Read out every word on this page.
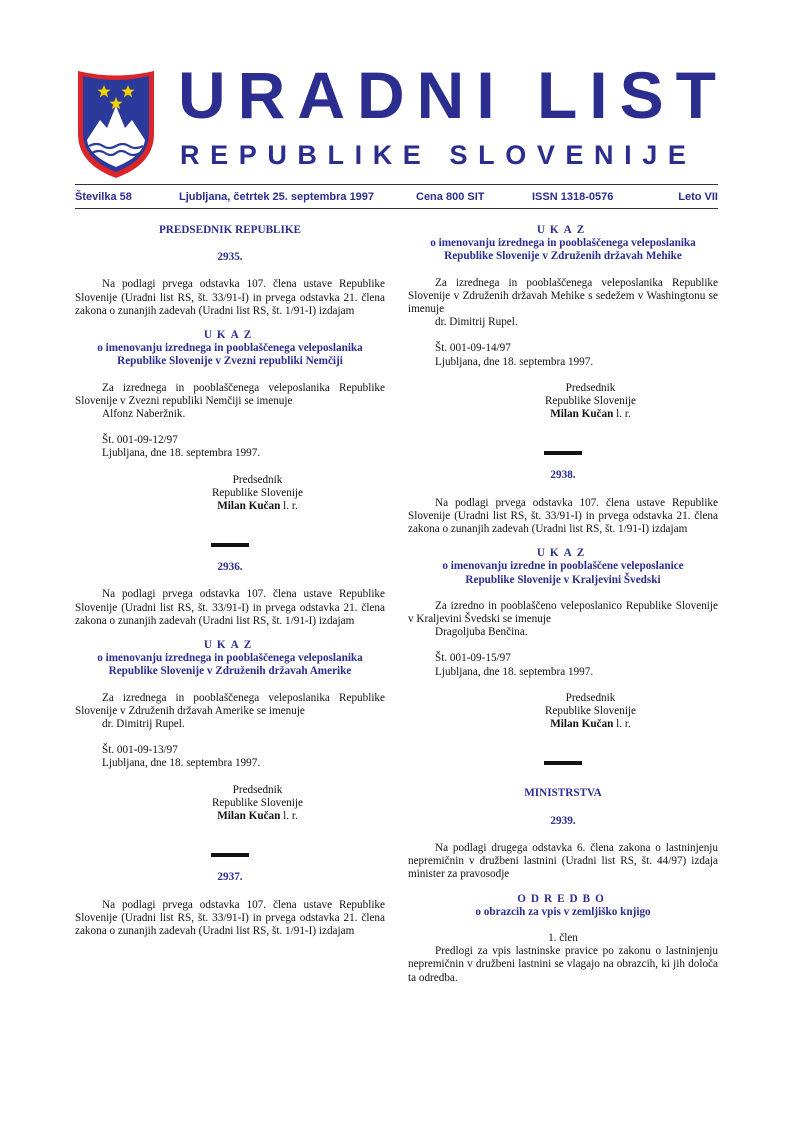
URADNI LIST
REPUBLIKE SLOVENIJE
Številka 58	Ljubljana, četrtek 25. septembra 1997	Cena 800 SIT	ISSN 1318-0576	Leto VII

PREDSEDNIK REPUBLIKE

2935.

Na podlagi prvega odstavka 107. člena ustave Republike Slovenije (Uradni list RS, št. 33/91-I) in prvega odstavka 21. člena zakona o zunanjih zadevah (Uradni list RS, št. 1/91-I) izdajam

UKAZ

o imenovanju izrednega in pooblaščenega veleposlanika

Republike Slovenije v Zvezni republiki Nemčiji

Za izrednega in pooblaščenega veleposlanika Republike Slovenije v Zvezni republiki Nemčiji se imenuje

Alfonz Naberžnik.

Št. 001-09-12/97

Ljubljana, dne 18. septembra 1997.

Predsednik

Republike Slovenije

Milan Kučan l. r.

2936.

Na podlagi prvega odstavka 107. člena ustave Republike Slovenije (Uradni list RS, št. 33/91-I) in prvega odstavka 21. člena zakona o zunanjih zadevah (Uradni list RS, št. 1/91-I) izdajam

UKAZ

o imenovanju izrednega in pooblaščenega veleposlanika

Republike Slovenije v Združenih državah Amerike

Za izrednega in pooblaščenega veleposlanika Republike Slovenije v Združenih državah Amerike se imenuje

dr. Dimitrij Rupel.

Št. 001-09-13/97

Ljubljana, dne 18. septembra 1997.

Predsednik

Republike Slovenije

Milan Kučan l. r.

2937.

Na podlagi prvega odstavka 107. člena ustave Republike Slovenije (Uradni list RS, št. 33/91-I) in prvega odstavka 21. člena zakona o zunanjih zadevah (Uradni list RS, št. 1/91-I) izdajam

UKAZ

o imenovanju izrednega in pooblaščenega veleposlanika

Republike Slovenije v Združenih državah Mehike

Za izrednega in pooblaščenega veleposlanika Republike Slovenije v Združenih državah Mehike s sedežem v Washingtonu se imenuje

dr. Dimitrij Rupel.

Št. 001-09-14/97

Ljubljana, dne 18. septembra 1997.

Predsednik

Republike Slovenije

Milan Kučan l. r.

2938.

Na podlagi prvega odstavka 107. člena ustave Republike Slovenije (Uradni list RS, št. 33/91-I) in prvega odstavka 21. člena zakona o zunanjih zadevah (Uradni list RS, št. 1/91-I) izdajam

UKAZ

o imenovanju izredne in pooblaščene veleposlanice

Republike Slovenije v Kraljevini Švedski

Za izredno in pooblaščeno veleposlanico Republike Slovenije v Kraljevini Švedski se imenuje

Dragoljuba Benčina.

Št. 001-09-15/97

Ljubljana, dne 18. septembra 1997.

Predsednik

Republike Slovenije

Milan Kučan l. r.

MINISTRSTVA

2939.

Na podlagi drugega odstavka 6. člena zakona o lastninjenju nepremičnin v družbeni lastnini (Uradni list RS, št. 44/97) izdaja minister za pravosodje

ODREDBO

o obrazcih za vpis v zemljiško knjigo

1. člen

Predlogi za vpis lastninske pravice po zakonu o lastninjenju nepremičnin v družbeni lastnini se vlagajo na obrazcih, ki jih določa ta odredba.
